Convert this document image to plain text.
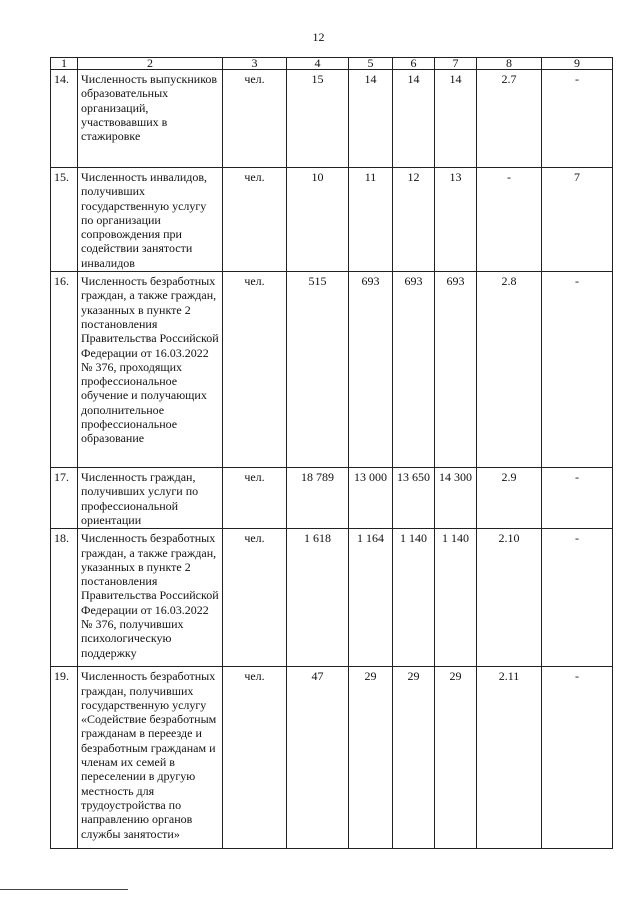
12
1	2	3	4	5	6	7	8	9
14.	Численность выпускников образовательных организаций, участвовавших в стажировке	чел.	15	14	14	14	2.7	-
15.	Численность инвалидов, получивших государственную услугу по организации сопровождения при содействии занятости инвалидов	чел.	10	11	12	13	-	7
16.	Численность безработных граждан, а также граждан, указанных в пункте 2 постановления Правительства Российской Федерации от 16.03.2022 № 376, проходящих профессиональное обучение и получающих дополнительное профессиональное образование	чел.	515	693	693	693	2.8	-
17.	Численность граждан, получивших услуги по профессиональной ориентации	чел.	18 789	13 000	13 650	14 300	2.9	-
18.	Численность безработных граждан, а также граждан, указанных в пункте 2 постановления Правительства Российской Федерации от 16.03.2022 № 376, получивших психологическую поддержку	чел.	1 618	1 164	1 140	1 140	2.10	-
19.	Численность безработных граждан, получивших государственную услугу «Содействие безработным гражданам в переезде и безработным гражданам и членам их семей в переселении в другую местность для трудоустройства по направлению органов службы занятости»	чел.	47	29	29	29	2.11	-
